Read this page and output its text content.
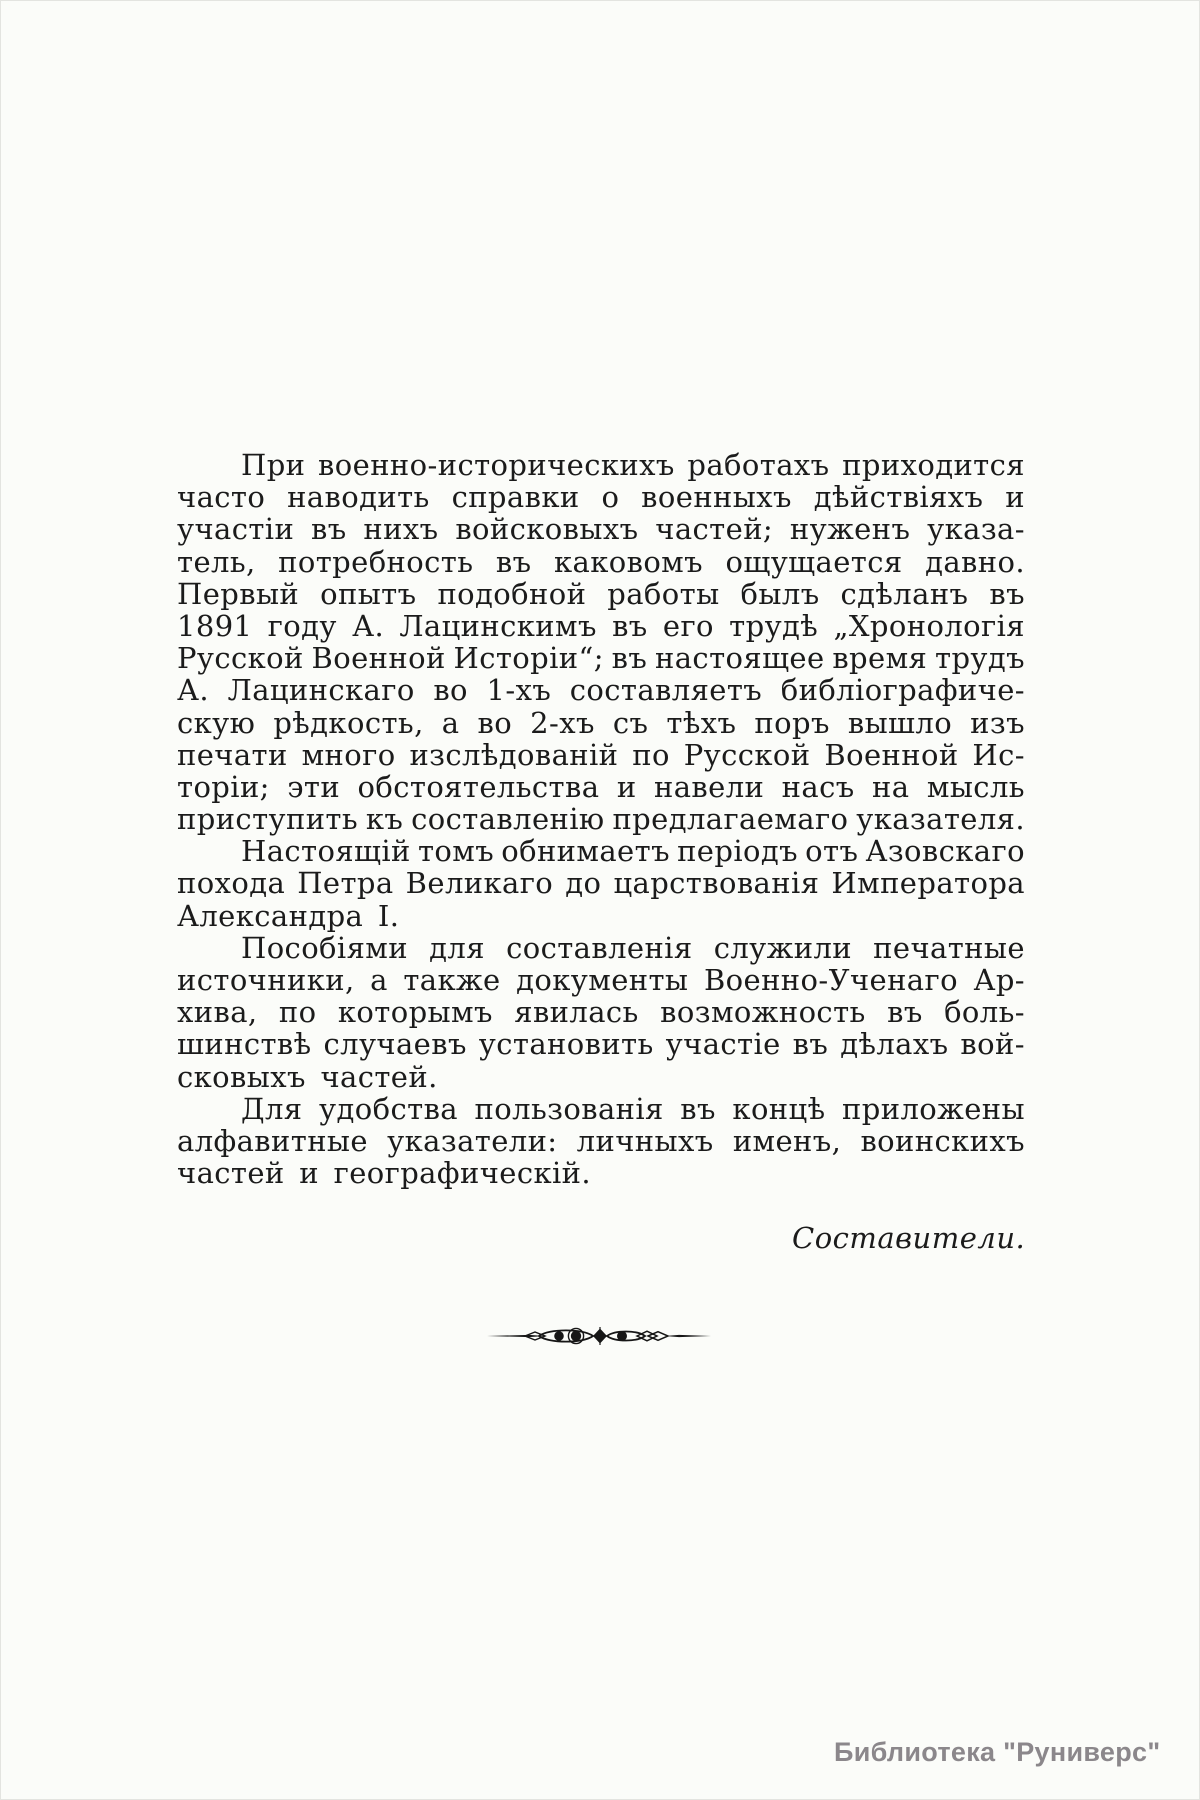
При военно-историческихъ работахъ приходится
часто наводить справки о военныхъ дѣйствіяхъ и
участіи въ нихъ войсковыхъ частей; нуженъ указа-
тель, потребность въ каковомъ ощущается давно.
Первый опытъ подобной работы былъ сдѣланъ въ
1891 году А. Лацинскимъ въ его трудѣ „Хронологія
Русской Военной Исторіи“; въ настоящее время трудъ
А. Лацинскаго во 1-хъ составляетъ библіографиче-
скую рѣдкость, а во 2-хъ съ тѣхъ поръ вышло изъ
печати много изслѣдованій по Русской Военной Ис-
торіи; эти обстоятельства и навели насъ на мысль
приступить къ составленію предлагаемаго указателя.
Настоящій томъ обнимаетъ періодъ отъ Азовскаго
похода Петра Великаго до царствованія Императора
Александра I.
Пособіями для составленія служили печатные
источники, а также документы Военно-Ученаго Ар-
хива, по которымъ явилась возможность въ боль-
шинствѣ случаевъ установить участіе въ дѣлахъ вой-
сковыхъ частей.
Для удобства пользованія въ концѣ приложены
алфавитные указатели: личныхъ именъ, воинскихъ
частей и географическій.
Составители.
Библиотека "Руниверс"
